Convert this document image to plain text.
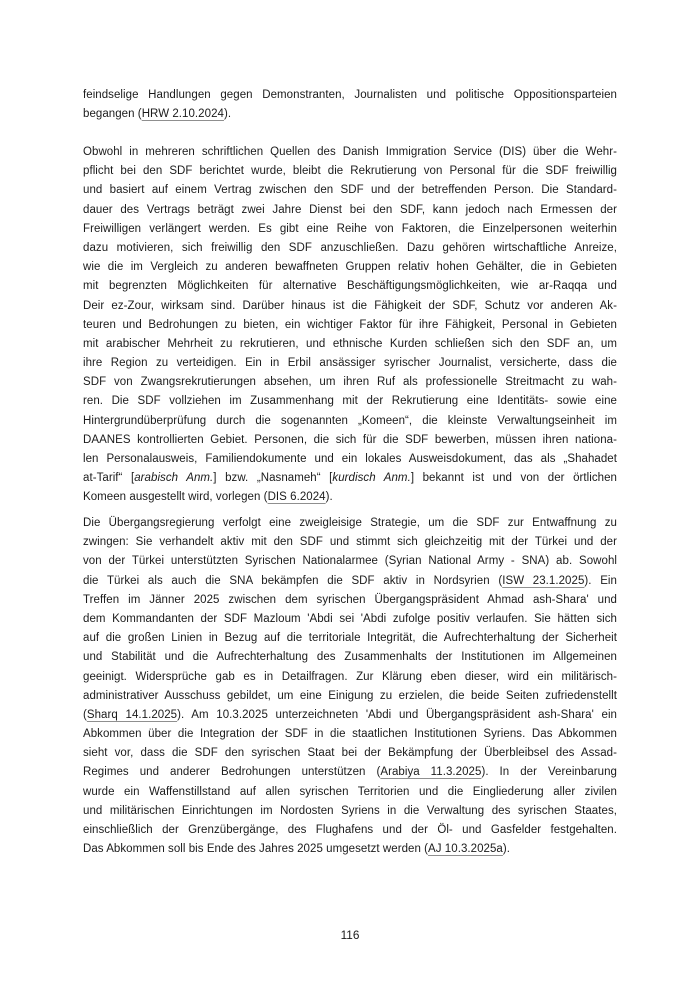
feindselige Handlungen gegen Demonstranten, Journalisten und politische Oppositionsparteien
begangen (HRW 2.10.2024).
Obwohl in mehreren schriftlichen Quellen des Danish Immigration Service (DIS) über die Wehr-
pflicht bei den SDF berichtet wurde, bleibt die Rekrutierung von Personal für die SDF freiwillig
und basiert auf einem Vertrag zwischen den SDF und der betreffenden Person. Die Standard-
dauer des Vertrags beträgt zwei Jahre Dienst bei den SDF, kann jedoch nach Ermessen der
Freiwilligen verlängert werden. Es gibt eine Reihe von Faktoren, die Einzelpersonen weiterhin
dazu motivieren, sich freiwillig den SDF anzuschließen. Dazu gehören wirtschaftliche Anreize,
wie die im Vergleich zu anderen bewaffneten Gruppen relativ hohen Gehälter, die in Gebieten
mit begrenzten Möglichkeiten für alternative Beschäftigungsmöglichkeiten, wie ar-Raqqa und
Deir ez-Zour, wirksam sind. Darüber hinaus ist die Fähigkeit der SDF, Schutz vor anderen Ak-
teuren und Bedrohungen zu bieten, ein wichtiger Faktor für ihre Fähigkeit, Personal in Gebieten
mit arabischer Mehrheit zu rekrutieren, und ethnische Kurden schließen sich den SDF an, um
ihre Region zu verteidigen. Ein in Erbil ansässiger syrischer Journalist, versicherte, dass die
SDF von Zwangsrekrutierungen absehen, um ihren Ruf als professionelle Streitmacht zu wah-
ren. Die SDF vollziehen im Zusammenhang mit der Rekrutierung eine Identitäts- sowie eine
Hintergrundüberprüfung durch die sogenannten „Komeen“, die kleinste Verwaltungseinheit im
DAANES kontrollierten Gebiet. Personen, die sich für die SDF bewerben, müssen ihren nationa-
len Personalausweis, Familiendokumente und ein lokales Ausweisdokument, das als „Shahadet
at-Tarif“ [arabisch Anm.] bzw. „Nasnameh“ [kurdisch Anm.] bekannt ist und von der örtlichen
Komeen ausgestellt wird, vorlegen (DIS 6.2024).
Die Übergangsregierung verfolgt eine zweigleisige Strategie, um die SDF zur Entwaffnung zu
zwingen: Sie verhandelt aktiv mit den SDF und stimmt sich gleichzeitig mit der Türkei und der
von der Türkei unterstützten Syrischen Nationalarmee (Syrian National Army - SNA) ab. Sowohl
die Türkei als auch die SNA bekämpfen die SDF aktiv in Nordsyrien (ISW 23.1.2025). Ein
Treffen im Jänner 2025 zwischen dem syrischen Übergangspräsident Ahmad ash-Shara' und
dem Kommandanten der SDF Mazloum 'Abdi sei 'Abdi zufolge positiv verlaufen. Sie hätten sich
auf die großen Linien in Bezug auf die territoriale Integrität, die Aufrechterhaltung der Sicherheit
und Stabilität und die Aufrechterhaltung des Zusammenhalts der Institutionen im Allgemeinen
geeinigt. Widersprüche gab es in Detailfragen. Zur Klärung eben dieser, wird ein militärisch-
administrativer Ausschuss gebildet, um eine Einigung zu erzielen, die beide Seiten zufriedenstellt
(Sharq 14.1.2025). Am 10.3.2025 unterzeichneten 'Abdi und Übergangspräsident ash-Shara' ein
Abkommen über die Integration der SDF in die staatlichen Institutionen Syriens. Das Abkommen
sieht vor, dass die SDF den syrischen Staat bei der Bekämpfung der Überbleibsel des Assad-
Regimes und anderer Bedrohungen unterstützen (Arabiya 11.3.2025). In der Vereinbarung
wurde ein Waffenstillstand auf allen syrischen Territorien und die Eingliederung aller zivilen
und militärischen Einrichtungen im Nordosten Syriens in die Verwaltung des syrischen Staates,
einschließlich der Grenzübergänge, des Flughafens und der Öl- und Gasfelder festgehalten.
Das Abkommen soll bis Ende des Jahres 2025 umgesetzt werden (AJ 10.3.2025a).
116
